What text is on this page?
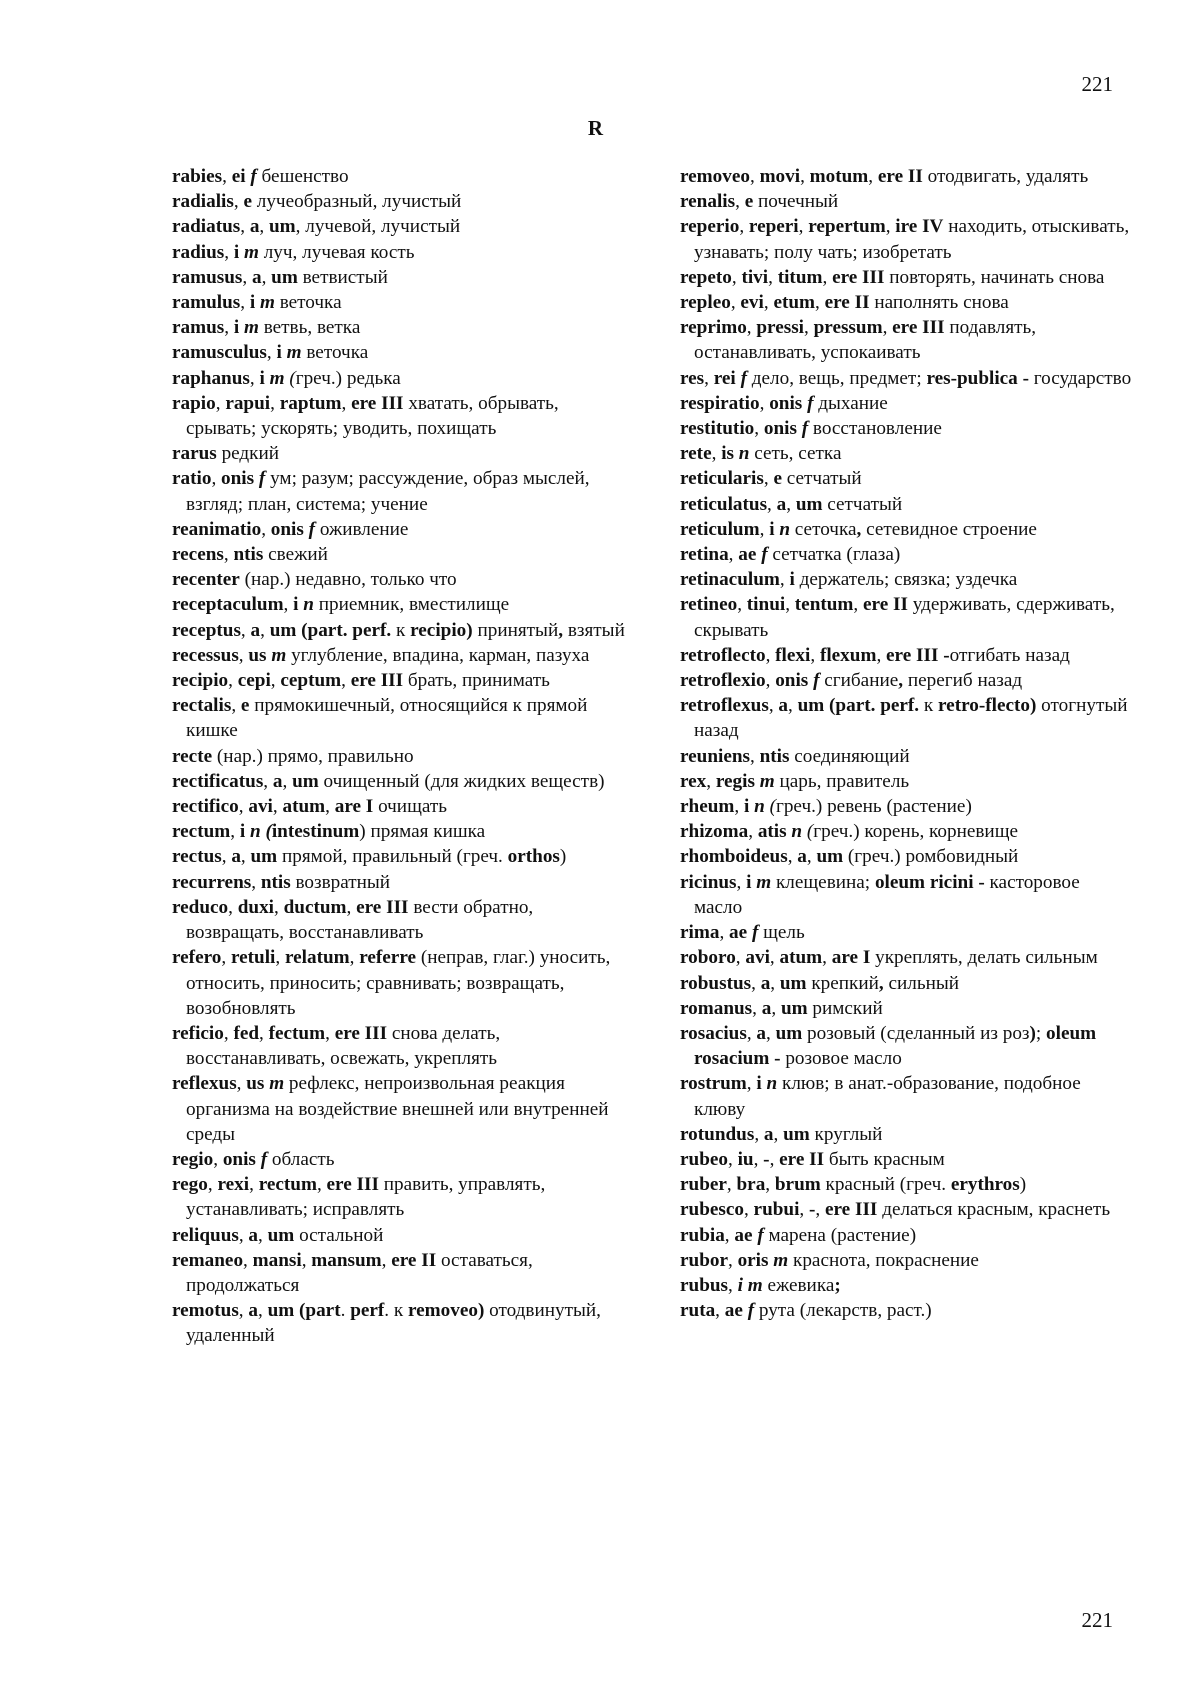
221
R
rabies, ei f бешенство
radialis, e лучеобразный, лучистый
radiatus, a, um, лучевой, лучистый
radius, i m луч, лучевая кость
ramusus, a, um ветвистый
ramulus, i m веточка
ramus, i m ветвь, ветка
ramusculus, i m веточка
raphanus, i m (греч.) редька
rapio, rapui, raptum, ere III хватать, обрывать, срывать; ускорять; уводить, похищать
rarus редкий
ratio, onis f ум; разум; рассуждение, образ мыслей, взгляд; план, система; учение
reanimatio, onis f оживление
recens, ntis свежий
recenter (нар.) недавно, только что
receptaculum, i n приемник, вместилище
receptus, a, um (part. perf. к recipio) принятый, взятый
recessus, us m углубление, впадина, карман, пазуха
recipio, cepi, ceptum, ere III брать, принимать
rectalis, e прямокишечный, относящийся к прямой кишке
recte (нар.) прямо, правильно
rectificatus, a, um очищенный (для жидких веществ)
rectifico, avi, atum, are I очищать
rectum, i n (intestinum) прямая кишка
rectus, a, um прямой, правильный (греч. orthos)
recurrens, ntis возвратный
reduco, duxi, ductum, ere III вести обратно, возвращать, восстанавливать
refero, retuli, relatum, referre (неправ, глаг.) уносить, относить, приносить; сравнивать; возвращать, возобновлять
reficio, fed, fectum, ere III снова делать, восстанавливать, освежать, укреплять
reflexus, us m рефлекс, непроизвольная реакция организма на воздействие внешней или внутренней среды
regio, onis f область
rego, rexi, rectum, ere III править, управлять, устанавливать; исправлять
reliquus, a, um остальной
remaneo, mansi, mansum, ere II оставаться, продолжаться
remotus, a, um (part. perf. к removeo) отодвинутый, удаленный
removeo, movi, motum, ere II отодвигать, удалять
renalis, e почечный
reperio, reperi, repertum, ire IV находить, отыскивать, узнавать; полу чать; изобретать
repeto, tivi, titum, ere III повторять, начинать снова
repleo, evi, etum, ere II наполнять снова
reprimo, pressi, pressum, ere III подавлять, останавливать, успокаивать
res, rei f дело, вещь, предмет; res-publica - государство
respiratio, onis f дыхание
restitutio, onis f восстановление
rete, is n сеть, сетка
reticularis, e сетчатый
reticulatus, a, um сетчатый
reticulum, i n сеточка, сетевидное строение
retina, ae f сетчатка (глаза)
retinaculum, i держатель; связка; уздечка
retineo, tinui, tentum, ere II удерживать, сдерживать, скрывать
retroflecto, flexi, flexum, ere III -отгибать назад
retroflexio, onis f сгибание, перегиб назад
retroflexus, a, um (part. perf. к retro-flecto) отогнутый назад
reuniens, ntis соединяющий
rex, regis m царь, правитель
rheum, i n (греч.) ревень (растение)
rhizoma, atis n (греч.) корень, корневище
rhomboideus, a, um (греч.) ромбовидный
ricinus, i m клещевина; oleum ricini - касторовое масло
rima, ae f щель
roboro, avi, atum, are I укреплять, делать сильным
robustus, a, um крепкий, сильный
romanus, a, um римский
rosacius, a, um розовый (сделанный из роз); oleum rosacium - розовое масло
rostrum, i n клюв; в анат.-образование, подобное клюву
rotundus, a, um круглый
rubeo, iu, -, ere II быть красным
ruber, bra, brum красный (греч. erythros)
rubesco, rubui, -, ere III делаться красным, краснеть
rubia, ae f марена (растение)
rubor, oris m краснота, покраснение
rubus, i m ежевика;
ruta, ae f рута (лекарств, раст.)
221
